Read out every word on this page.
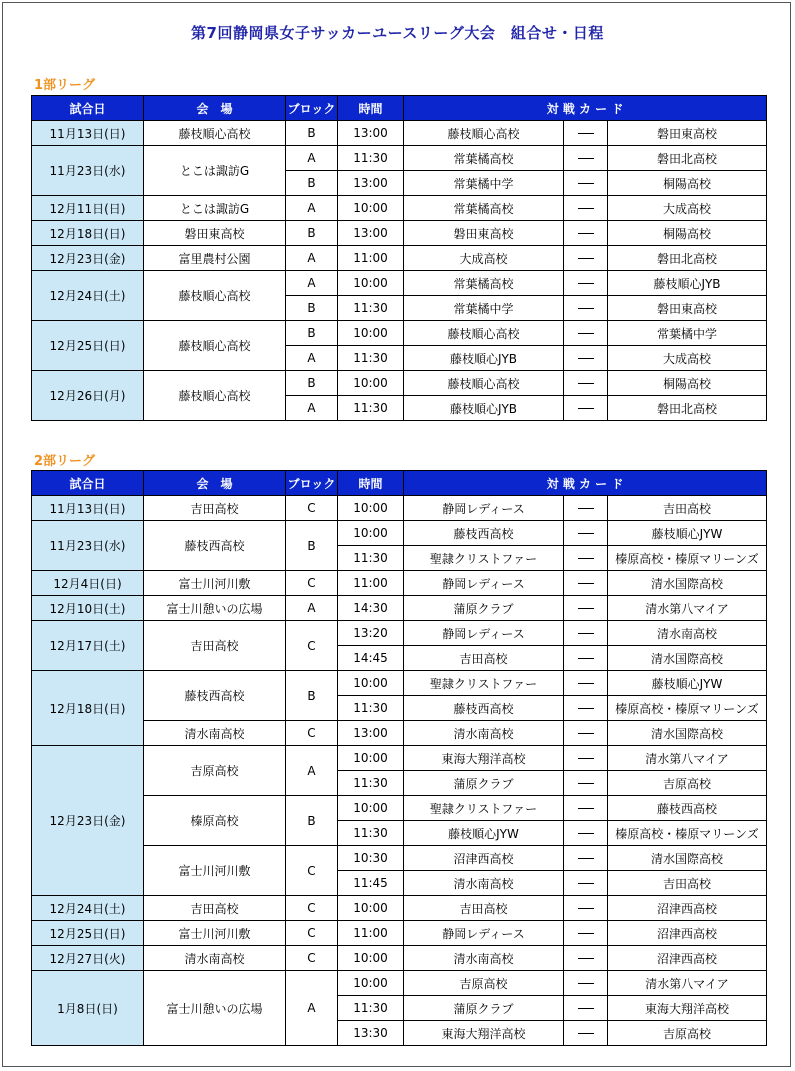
第7回静岡県女子サッカーユースリーグ大会　組合せ・日程
1部リーグ
試合日	会　場	ブロック	時間	対 戦 カ ー ド		
11月13日(日)	藤枝順心高校	B	13:00	藤枝順心高校		磐田東高校
11月23日(水)	とこは諏訪G	A	11:30	常葉橘高校		磐田北高校
		B	13:00	常葉橘中学		桐陽高校
12月11日(日)	とこは諏訪G	A	10:00	常葉橘高校		大成高校
12月18日(日)	磐田東高校	B	13:00	磐田東高校		桐陽高校
12月23日(金)	富里農村公園	A	11:00	大成高校		磐田北高校
12月24日(土)	藤枝順心高校	A	10:00	常葉橘高校		藤枝順心JYB
		B	11:30	常葉橘中学		磐田東高校
12月25日(日)	藤枝順心高校	B	10:00	藤枝順心高校		常葉橘中学
		A	11:30	藤枝順心JYB		大成高校
12月26日(月)	藤枝順心高校	B	10:00	藤枝順心高校		桐陽高校
		A	11:30	藤枝順心JYB		磐田北高校
2部リーグ
試合日	会　場	ブロック	時間	対 戦 カ ー ド		
11月13日(日)	吉田高校	C	10:00	静岡レディース		吉田高校
11月23日(水)	藤枝西高校	B	10:00	藤枝西高校		藤枝順心JYW
			11:30	聖隷クリストファー		榛原高校・榛原マリーンズ
12月4日(日)	富士川河川敷	C	11:00	静岡レディース		清水国際高校
12月10日(土)	富士川憩いの広場	A	14:30	蒲原クラブ		清水第八マイア
12月17日(土)	吉田高校	C	13:20	静岡レディース		清水南高校
			14:45	吉田高校		清水国際高校
12月18日(日)	藤枝西高校	B	10:00	聖隷クリストファー		藤枝順心JYW
			11:30	藤枝西高校		榛原高校・榛原マリーンズ
	清水南高校	C	13:00	清水南高校		清水国際高校
12月23日(金)	吉原高校	A	10:00	東海大翔洋高校		清水第八マイア
			11:30	蒲原クラブ		吉原高校
	榛原高校	B	10:00	聖隷クリストファー		藤枝西高校
			11:30	藤枝順心JYW		榛原高校・榛原マリーンズ
	富士川河川敷	C	10:30	沼津西高校		清水国際高校
			11:45	清水南高校		吉田高校
12月24日(土)	吉田高校	C	10:00	吉田高校		沼津西高校
12月25日(日)	富士川河川敷	C	11:00	静岡レディース		沼津西高校
12月27日(火)	清水南高校	C	10:00	清水南高校		沼津西高校
1月8日(日)	富士川憩いの広場	A	10:00	吉原高校		清水第八マイア
			11:30	蒲原クラブ		東海大翔洋高校
			13:30	東海大翔洋高校		吉原高校
